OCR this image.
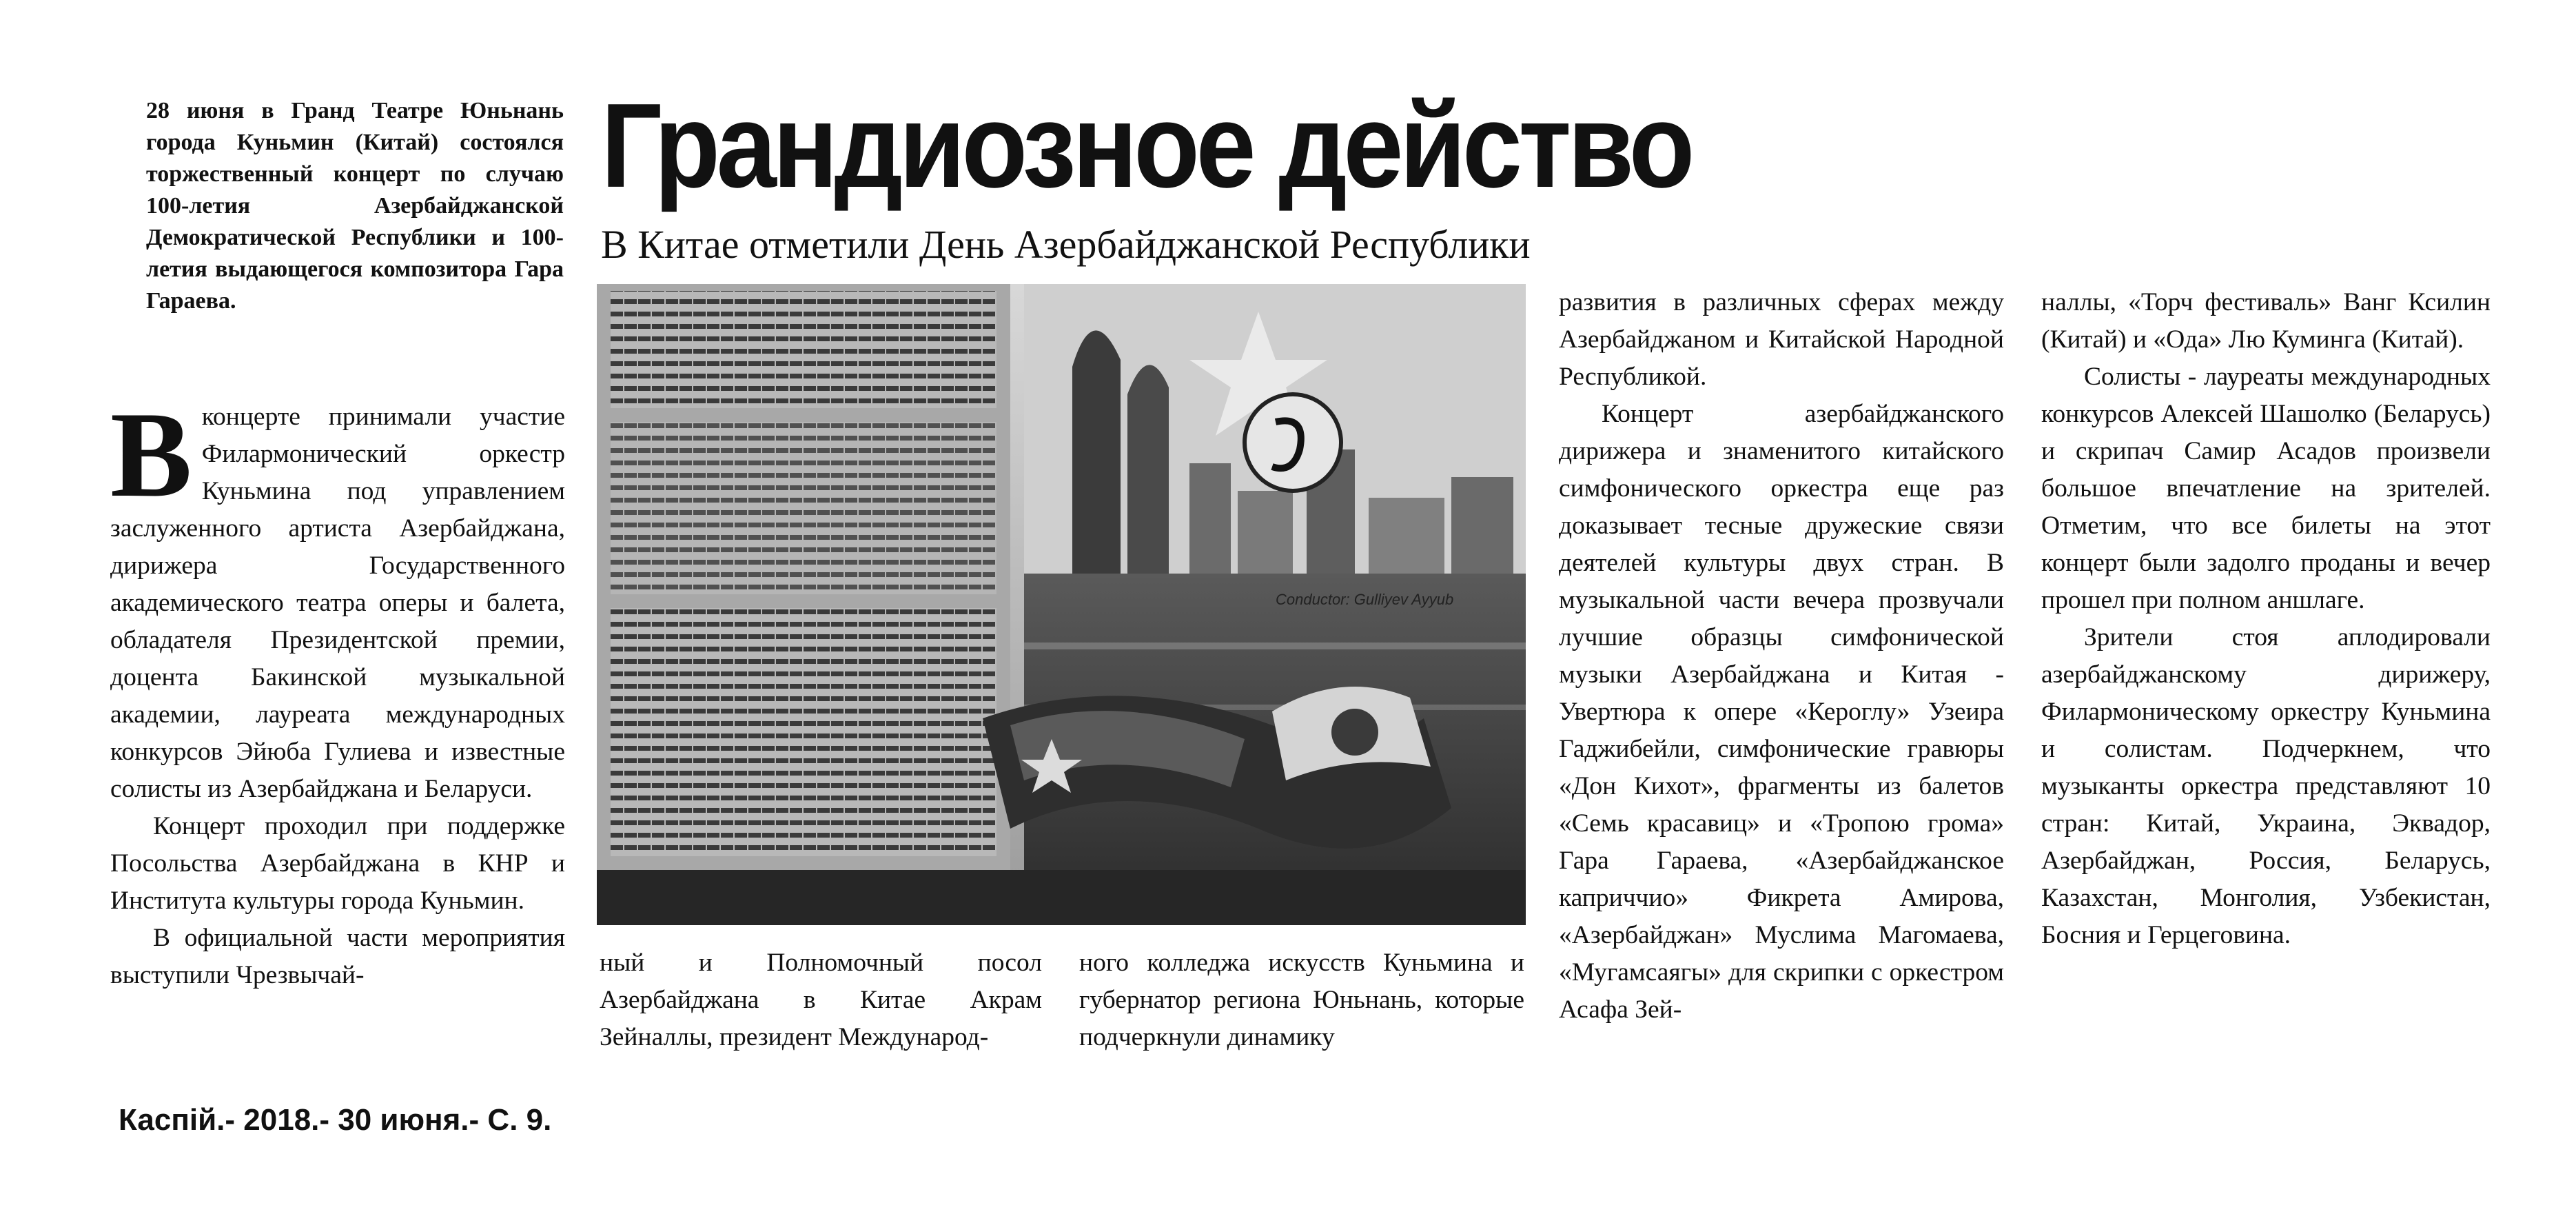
28 июня в Гранд Театре Юньнань города Куньмин (Китай) состоялся торжественный концерт по случаю 100-летия Азербайджанской Демократической Республики и 100-летия выдающегося композитора Гара Гараева.

Грандиозное действо
В Китае отметили День Азербайджанской Республики

Вконцерте принимали участие Филармонический оркестр Куньмина под управлением заслуженного артиста Азербайджана, дирижера Государственного академического театра оперы и балета, обладателя Президентской премии, доцента Бакинской музыкальной академии, лауреата международных конкурсов Эйюба Гулиева и известные солисты из Азербайджана и Беларуси.

Концерт проходил при поддержке Посольства Азербайджана в КНР и Института культуры города Куньмин.

В официальной части мероприятия выступили Чрезвычай-

Conductor: Gulliyev Ayyub

ный и Полномочный посол Азербайджана в Китае Акрам Зейналлы, президент Международ-

ного колледжа искусств Куньмина и губернатор региона Юньнань, которые подчеркнули динамику

развития в различных сферах между Азербайджаном и Китайской Народной Республикой.

Концерт азербайджанского дирижера и знаменитого китайского симфонического оркестра еще раз доказывает тесные дружеские связи деятелей культуры двух стран. В музыкальной части вечера прозвучали лучшие образцы симфонической музыки Азербайджана и Китая - Увертюра к опере «Кероглу» Узеира Гаджибейли, симфонические гравюры «Дон Кихот», фрагменты из балетов «Семь красавиц» и «Тропою грома» Гара Гараева, «Азербайджанское каприччио» Фикрета Амирова, «Азербайджан» Муслима Магомаева, «Мугамсаягы» для скрипки с оркестром Асафа Зей-

наллы, «Торч фестиваль» Ванг Ксилин (Китай) и «Ода» Лю Куминга (Китай).

Солисты - лауреаты международных конкурсов Алексей Шашолко (Беларусь) и скрипач Самир Асадов произвели большое впечатление на зрителей. Отметим, что все билеты на этот концерт были задолго проданы и вечер прошел при полном аншлаге.

Зрители стоя аплодировали азербайджанскому дирижеру, Филармоническому оркестру Куньмина и солистам. Подчеркнем, что музыканты оркестра представляют 10 стран: Китай, Украина, Эквадор, Азербайджан, Россия, Беларусь, Казахстан, Монголия, Узбекистан, Босния и Герцеговина.

Каспій.- 2018.- 30 июня.- С. 9.
